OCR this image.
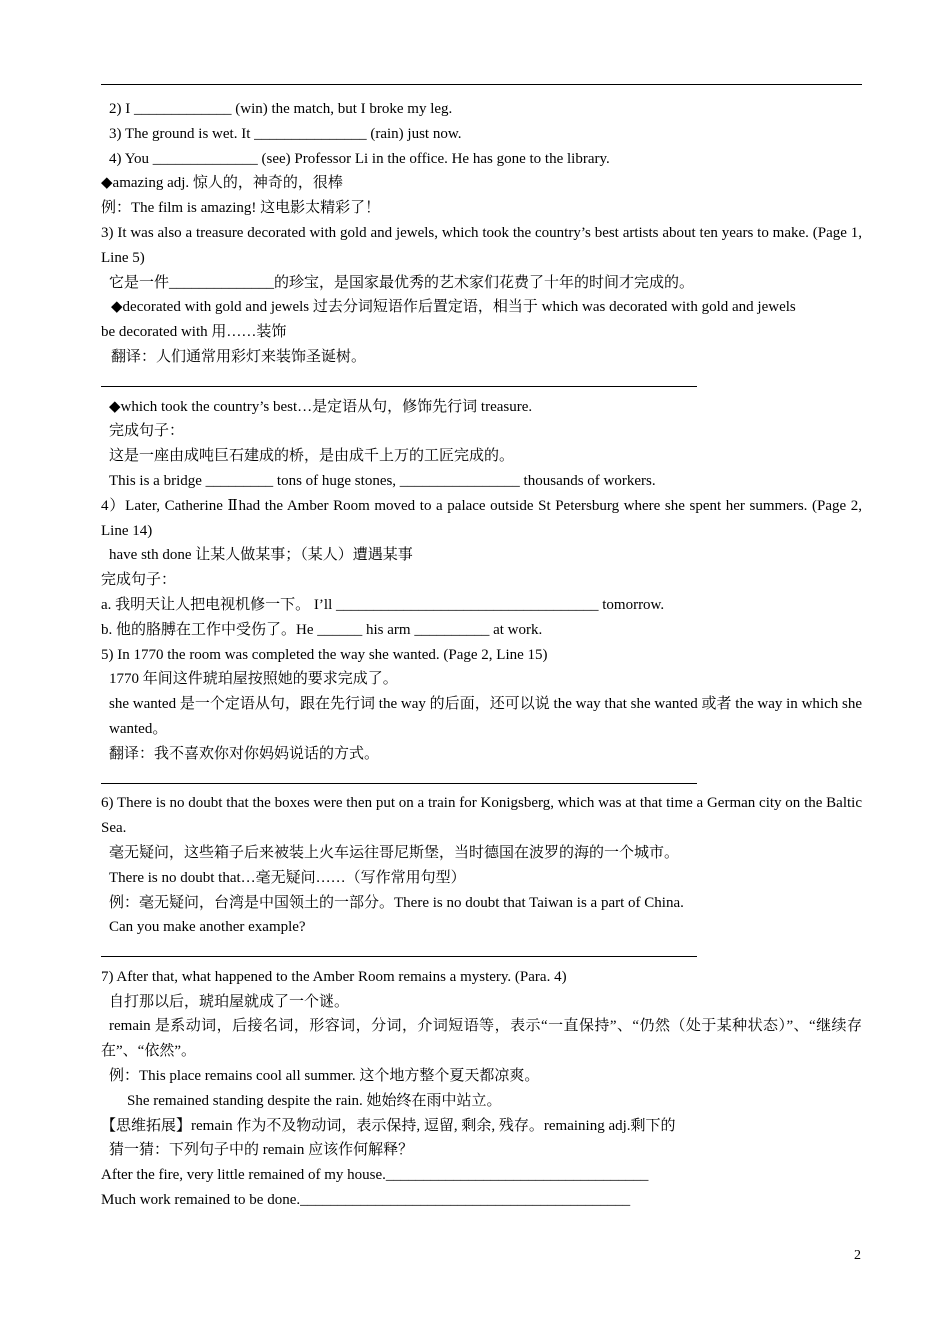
2) I _____________ (win) the match, but I broke my leg.
3) The ground is wet. It _______________ (rain) just now.
4) You ______________ (see) Professor Li in the office. He has gone to the library.
◆amazing adj. 惊人的，神奇的，很棒
例：The film is amazing! 这电影太精彩了！
3) It was also a treasure decorated with gold and jewels, which took the country’s best artists about ten years to make. (Page 1, Line 5)
它是一件______________的珍宝，是国家最优秀的艺术家们花费了十年的时间才完成的。
◆decorated with gold and jewels 过去分词短语作后置定语，相当于 which was decorated with gold and jewels
be decorated with 用……装饰
翻译：人们通常用彩灯来装饰圣诞树。
◆which took the country’s best…是定语从句，修饰先行词 treasure.
完成句子：
这是一座由成吨巨石建成的桥，是由成千上万的工匠完成的。
This is a bridge _________ tons of huge stones, ________________ thousands of workers.
4）Later, Catherine Ⅱhad the Amber Room moved to a palace outside St Petersburg where she spent her summers. (Page 2, Line 14)
have sth done 让某人做某事；（某人）遭遇某事
完成句子：
a. 我明天让人把电视机修一下。 I’ll ___________________________________ tomorrow.
b. 他的胳膊在工作中受伤了。He ______ his arm __________ at work.
5) In 1770 the room was completed the way she wanted. (Page 2, Line 15)
1770 年间这件琥珀屋按照她的要求完成了。
she wanted 是一个定语从句，跟在先行词 the way 的后面，还可以说 the way that she wanted 或者 the way in which she wanted。
翻译：我不喜欢你对你妈妈说话的方式。
6) There is no doubt that the boxes were then put on a train for Konigsberg, which was at that time a German city on the Baltic Sea.
毫无疑问，这些箱子后来被装上火车运往哥尼斯堡，当时德国在波罗的海的一个城市。
There is no doubt that…毫无疑问……（写作常用句型）
例：毫无疑问，台湾是中国领土的一部分。There is no doubt that Taiwan is a part of China.
Can you make another example?
7) After that, what happened to the Amber Room remains a mystery. (Para. 4)
自打那以后，琥珀屋就成了一个谜。
remain 是系动词，后接名词，形容词，分词，介词短语等，表示“一直保持”、“仍然（处于某种状态）”、“继续存在”、“依然”。
例：This place remains cool all summer. 这个地方整个夏天都凉爽。
She remained standing despite the rain. 她始终在雨中站立。
【思维拓展】remain 作为不及物动词，表示保持, 逗留, 剩余, 残存。remaining adj.剩下的
猜一猜：下列句子中的 remain 应该作何解释？
After the fire, very little remained of my house.___________________________________
Much work remained to be done.____________________________________________
2
